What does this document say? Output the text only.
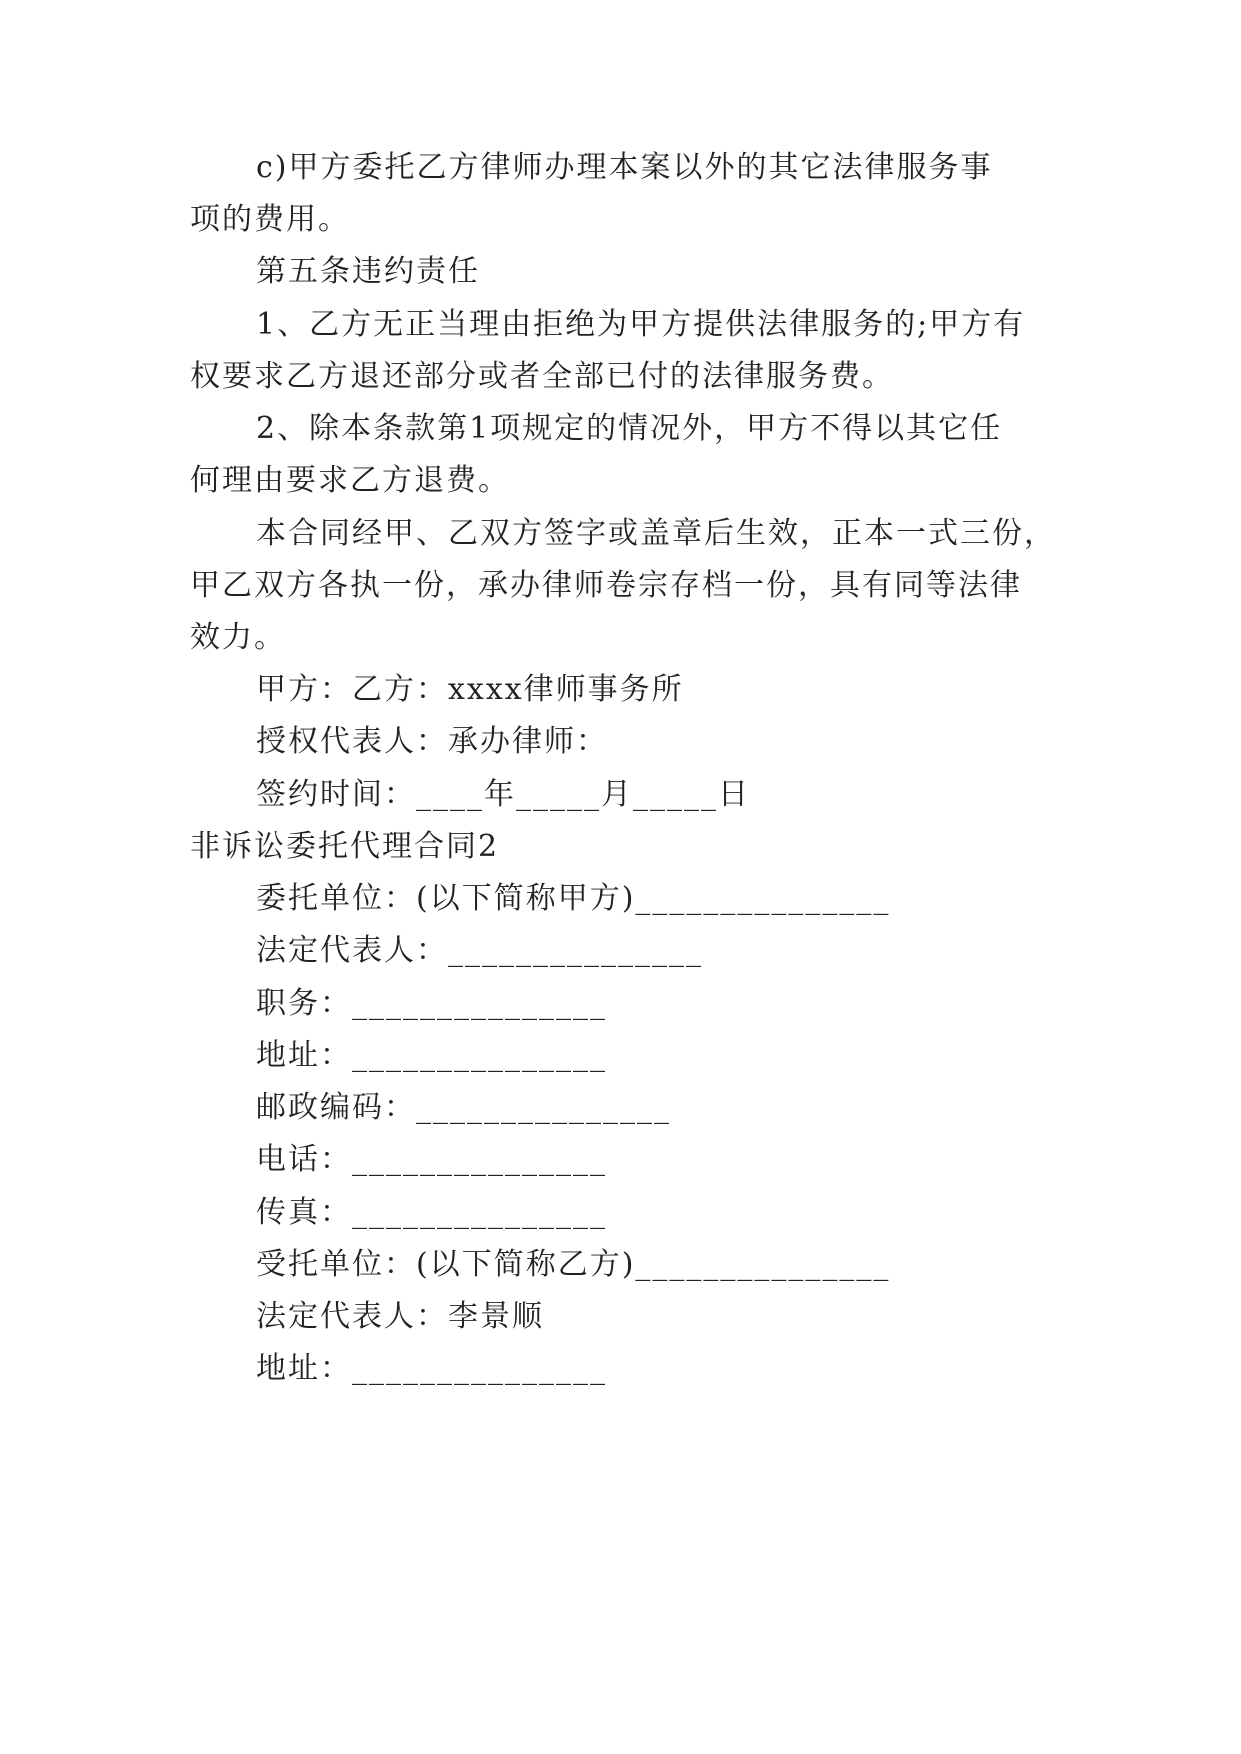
c)甲方委托乙方律师办理本案以外的其它法律服务事
项的费用。
第五条违约责任
1、乙方无正当理由拒绝为甲方提供法律服务的;甲方有
权要求乙方退还部分或者全部已付的法律服务费。
2、除本条款第1项规定的情况外，甲方不得以其它任
何理由要求乙方退费。
本合同经甲、乙双方签字或盖章后生效，正本一式三份，
甲乙双方各执一份，承办律师卷宗存档一份，具有同等法律
效力。
甲方：乙方：xxxx律师事务所
授权代表人：承办律师：
签约时间：____年_____月_____日
非诉讼委托代理合同2
委托单位：(以下简称甲方)_______________
法定代表人：_______________
职务：_______________
地址：_______________
邮政编码：_______________
电话：_______________
传真：_______________
受托单位：(以下简称乙方)_______________
法定代表人：李景顺
地址：_______________
